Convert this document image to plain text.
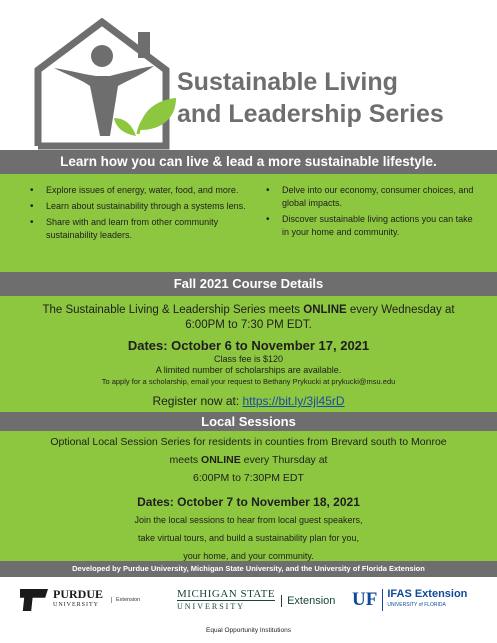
Sustainable Living
and Leadership Series
Learn how you can live & lead a more sustainable lifestyle.
• Explore issues of energy, water, food, and more.
• Learn about sustainability through a systems lens.
• Share with and learn from other community sustainability leaders.
• Delve into our economy, consumer choices, and global impacts.
• Discover sustainable living actions you can take in your home and community.
Fall 2021 Course Details
The Sustainable Living & Leadership Series meets ONLINE every Wednesday at 6:00PM to 7:30 PM EDT.
Dates: October 6 to November 17, 2021
Class fee is $120
A limited number of scholarships are available.
To apply for a scholarship, email your request to Bethany Prykucki at prykucki@msu.edu
Register now at: https://bit.ly/3jl45rD
Local Sessions
Optional Local Session Series for residents in counties from Brevard south to Monroe
meets ONLINE every Thursday at
6:00PM to 7:30PM EDT
Dates: October 7 to November 18, 2021
Join the local sessions to hear from local guest speakers,
take virtual tours, and build a sustainability plan for you,
your home, and your community.
Developed by Purdue University, Michigan State University, and the University of Florida Extension
PURDUE
UNIVERSITY
Extension	MICHIGAN STATE
UNIVERSITY	Extension UF IFAS Extension
UNIVERSITY of FLORIDA
Equal Opportunity Institutions
